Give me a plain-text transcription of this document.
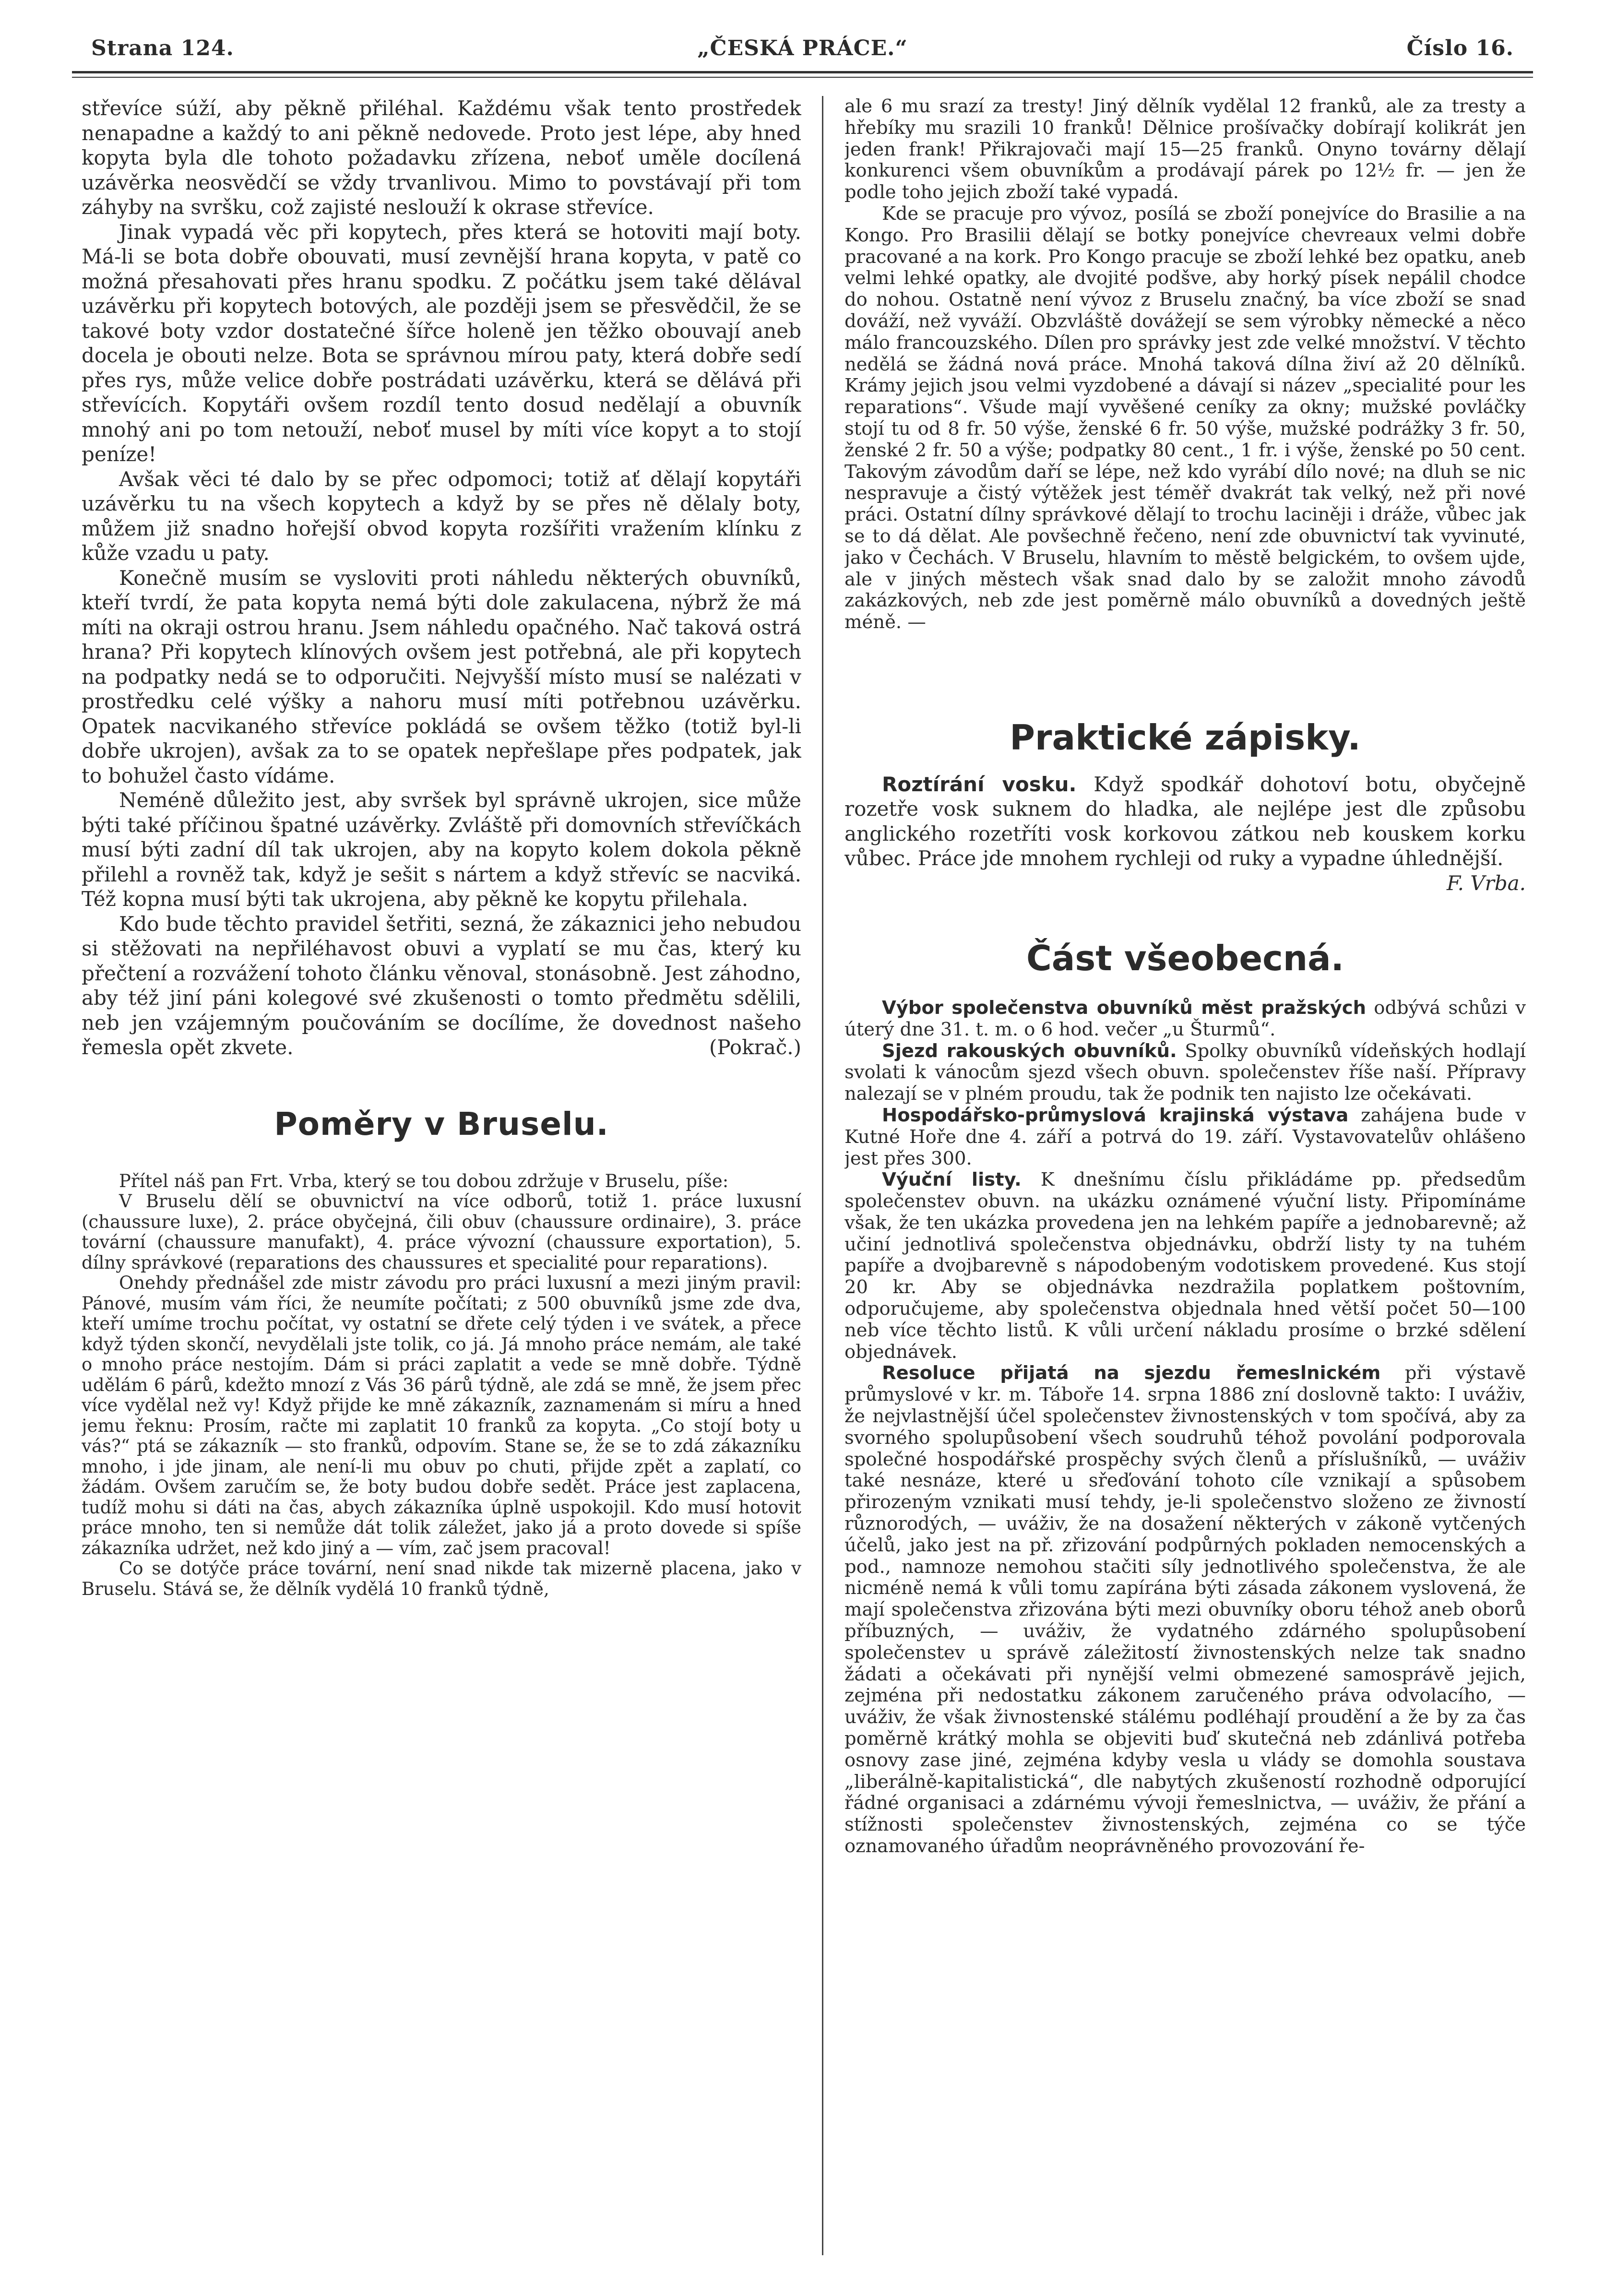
Strana 124.	„ČESKÁ PRÁCE.“	Číslo 16.

střevíce súží, aby pěkně přiléhal. Každému však tento prostředek nenapadne a každý to ani pěkně nedovede. Proto jest lépe, aby hned kopyta byla dle tohoto požadavku zřízena, neboť uměle docílená uzávěrka neosvědčí se vždy trvanlivou. Mimo to povstávají při tom záhyby na svršku, což zajisté neslouží k okrase střevíce.

Jinak vypadá věc při kopytech, přes která se hotoviti mají boty. Má-li se bota dobře obouvati, musí zevnější hrana kopyta, v patě co možná přesahovati přes hranu spodku. Z počátku jsem také dělával uzávěrku při kopytech botových, ale později jsem se přesvědčil, že se takové boty vzdor dostatečné šířce holeně jen těžko obouvají aneb docela je obouti nelze. Bota se správnou mírou paty, která dobře sedí přes rys, může velice dobře postrádati uzávěrku, která se dělává při střevících. Kopytáři ovšem rozdíl tento dosud nedělají a obuvník mnohý ani po tom netouží, neboť musel by míti více kopyt a to stojí peníze!

Avšak věci té dalo by se přec odpomoci; totiž ať dělají kopytáři uzávěrku tu na všech kopytech a když by se přes ně dělaly boty, můžem již snadno hořejší obvod kopyta rozšířiti vražením klínku z kůže vzadu u paty.

Konečně musím se vysloviti proti náhledu některých obuvníků, kteří tvrdí, že pata kopyta nemá býti dole zakulacena, nýbrž že má míti na okraji ostrou hranu. Jsem náhledu opačného. Nač taková ostrá hrana? Při kopytech klínových ovšem jest potřebná, ale při kopytech na podpatky nedá se to odporučiti. Nejvyšší místo musí se nalézati v prostředku celé výšky a nahoru musí míti potřebnou uzávěrku. Opatek nacvikaného střevíce pokládá se ovšem těžko (totiž byl-li dobře ukrojen), avšak za to se opatek nepřešlape přes podpatek, jak to bohužel často vídáme.

Neméně důležito jest, aby svršek byl správně ukrojen, sice může býti také příčinou špatné uzávěrky. Zvláště při domovních střevíčkách musí býti zadní díl tak ukrojen, aby na kopyto kolem dokola pěkně přilehl a rovněž tak, když je sešit s nártem a když střevíc se nacviká. Též kopna musí býti tak ukrojena, aby pěkně ke kopytu přilehala.

Kdo bude těchto pravidel šetřiti, sezná, že zákaznici jeho nebudou si stěžovati na nepřiléhavost obuvi a vyplatí se mu čas, který ku přečtení a rozvážení tohoto článku věnoval, stonásobně. Jest záhodno, aby též jiní páni kolegové své zkušenosti o tomto předmětu sdělili, neb jen vzájemným poučováním se docílíme, že dovednost našeho řemesla opět zkvete.	(Pokrač.)

Poměry v Bruselu.

Přítel náš pan Frt. Vrba, který se tou dobou zdržuje v Bruselu, píše:

V Bruselu dělí se obuvnictví na více odborů, totiž 1. práce luxusní (chaussure luxe), 2. práce obyčejná, čili obuv (chaussure ordinaire), 3. práce tovární (chaussure manufakt), 4. práce vývozní (chaussure exportation), 5. dílny správkové (reparations des chaussures et specialité pour reparations).

Onehdy přednášel zde mistr závodu pro práci luxusní a mezi jiným pravil: Pánové, musím vám říci, že neumíte počítati; z 500 obuvníků jsme zde dva, kteří umíme trochu počítat, vy ostatní se dřete celý týden i ve svátek, a přece když týden skončí, nevydělali jste tolik, co já. Já mnoho práce nemám, ale také o mnoho práce nestojím. Dám si práci zaplatit a vede se mně dobře. Týdně udělám 6 párů, kdežto mnozí z Vás 36 párů týdně, ale zdá se mně, že jsem přec více vydělal než vy! Když přijde ke mně zákazník, zaznamenám si míru a hned jemu řeknu: Prosím, račte mi zaplatit 10 franků za kopyta. „Co stojí boty u vás?“ ptá se zákazník — sto franků, odpovím. Stane se, že se to zdá zákazníku mnoho, i jde jinam, ale není-li mu obuv po chuti, přijde zpět a zaplatí, co žádám. Ovšem zaručím se, že boty budou dobře sedět. Práce jest zaplacena, tudíž mohu si dáti na čas, abych zákazníka úplně uspokojil. Kdo musí hotovit práce mnoho, ten si nemůže dát tolik záležet, jako já a proto dovede si spíše zákazníka udržet, než kdo jiný a — vím, zač jsem pracoval!

Co se dotýče práce tovární, není snad nikde tak mizerně placena, jako v Bruselu. Stává se, že dělník vydělá 10 franků týdně,

ale 6 mu srazí za tresty! Jiný dělník vydělal 12 franků, ale za tresty a hřebíky mu srazili 10 franků! Dělnice prošívačky dobírají kolikrát jen jeden frank! Přikrajovači mají 15—25 franků. Onyno továrny dělají konkurenci všem obuvníkům a prodávají párek po 12½ fr. — jen že podle toho jejich zboží také vypadá.

Kde se pracuje pro vývoz, posílá se zboží ponejvíce do Brasilie a na Kongo. Pro Brasilii dělají se botky ponejvíce chevreaux velmi dobře pracované a na kork. Pro Kongo pracuje se zboží lehké bez opatku, aneb velmi lehké opatky, ale dvojité podšve, aby horký písek nepálil chodce do nohou. Ostatně není vývoz z Bruselu značný, ba více zboží se snad dováží, než vyváží. Obzvláště dovážejí se sem výrobky německé a něco málo francouzského. Dílen pro správky jest zde velké množství. V těchto nedělá se žádná nová práce. Mnohá taková dílna živí až 20 dělníků. Krámy jejich jsou velmi vyzdobené a dávají si název „specialité pour les reparations“. Všude mají vyvěšené ceníky za okny; mužské povláčky stojí tu od 8 fr. 50 výše, ženské 6 fr. 50 výše, mužské podrážky 3 fr. 50, ženské 2 fr. 50 a výše; podpatky 80 cent., 1 fr. i výše, ženské po 50 cent. Takovým závodům daří se lépe, než kdo vyrábí dílo nové; na dluh se nic nespravuje a čistý výtěžek jest téměř dvakrát tak velký, než při nové práci. Ostatní dílny správkové dělají to trochu laciněji i dráže, vůbec jak se to dá dělat. Ale povšechně řečeno, není zde obuvnictví tak vyvinuté, jako v Čechách. V Bruselu, hlavním to městě belgickém, to ovšem ujde, ale v jiných městech však snad dalo by se založit mnoho závodů zakázkových, neb zde jest poměrně málo obuvníků a dovedných ještě méně. —

Praktické zápisky.

Roztírání vosku. Když spodkář dohotoví botu, obyčejně rozetře vosk suknem do hladka, ale nejlépe jest dle způsobu anglického rozetříti vosk korkovou zátkou neb kouskem korku vůbec. Práce jde mnohem rychleji od ruky a vypadne úhlednější.
F. Vrba.

Část všeobecná.

Výbor společenstva obuvníků měst pražských odbývá schůzi v úterý dne 31. t. m. o 6 hod. večer „u Šturmů“.

Sjezd rakouských obuvníků. Spolky obuvníků vídeňských hodlají svolati k vánocům sjezd všech obuvn. společenstev říše naší. Přípravy nalezají se v plném proudu, tak že podnik ten najisto lze očekávati.

Hospodářsko-průmyslová krajinská výstava zahájena bude v Kutné Hoře dne 4. září a potrvá do 19. září. Vystavovatelův ohlášeno jest přes 300.

Výuční listy. K dnešnímu číslu přikládáme pp. předsedům společenstev obuvn. na ukázku oznámené výuční listy. Připomínáme však, že ten ukázka provedena jen na lehkém papíře a jednobarevně; až učiní jednotlivá společenstva objednávku, obdrží listy ty na tuhém papíře a dvojbarevně s nápodobeným vodotiskem provedené. Kus stojí 20 kr. Aby se objednávka nezdražila poplatkem poštovním, odporučujeme, aby společenstva objednala hned větší počet 50—100 neb více těchto listů. K vůli určení nákladu prosíme o brzké sdělení objednávek.

Resoluce přijatá na sjezdu řemeslnickém při výstavě průmyslové v kr. m. Táboře 14. srpna 1886 zní doslovně takto: I uváživ, že nejvlastnější účel společenstev živnostenských v tom spočívá, aby za svorného spolupůsobení všech soudruhů téhož povolání podporovala společné hospodářské prospěchy svých členů a příslušníků, — uváživ také nesnáze, které u sřeďování tohoto cíle vznikají a spůsobem přirozeným vznikati musí tehdy, je-li společenstvo složeno ze živností různorodých, — uváživ, že na dosažení některých v zákoně vytčených účelů, jako jest na př. zřizování podpůrných pokladen nemocenských a pod., namnoze nemohou stačiti síly jednotlivého společenstva, že ale nicméně nemá k vůli tomu zapírána býti zásada zákonem vyslovená, že mají společenstva zřizována býti mezi obuvníky oboru téhož aneb oborů příbuzných, — uváživ, že vydatného zdárného spolupůsobení společenstev u správě záležitostí živnostenských nelze tak snadno žádati a očekávati při nynější velmi obmezené samosprávě jejich, zejména při nedostatku zákonem zaručeného práva odvolacího, — uváživ, že však živnostenské stálému podléhají proudění a že by za čas poměrně krátký mohla se objeviti buď skutečná neb zdánlivá potřeba osnovy zase jiné, zejména kdyby vesla u vlády se domohla soustava „liberálně-kapitalistická“, dle nabytých zkušeností rozhodně odporující řádné organisaci a zdárnému vývoji řemeslnictva, — uváživ, že přání a stížnosti společenstev živnostenských, zejména co se týče oznamovaného úřadům neoprávněného provozování ře-
